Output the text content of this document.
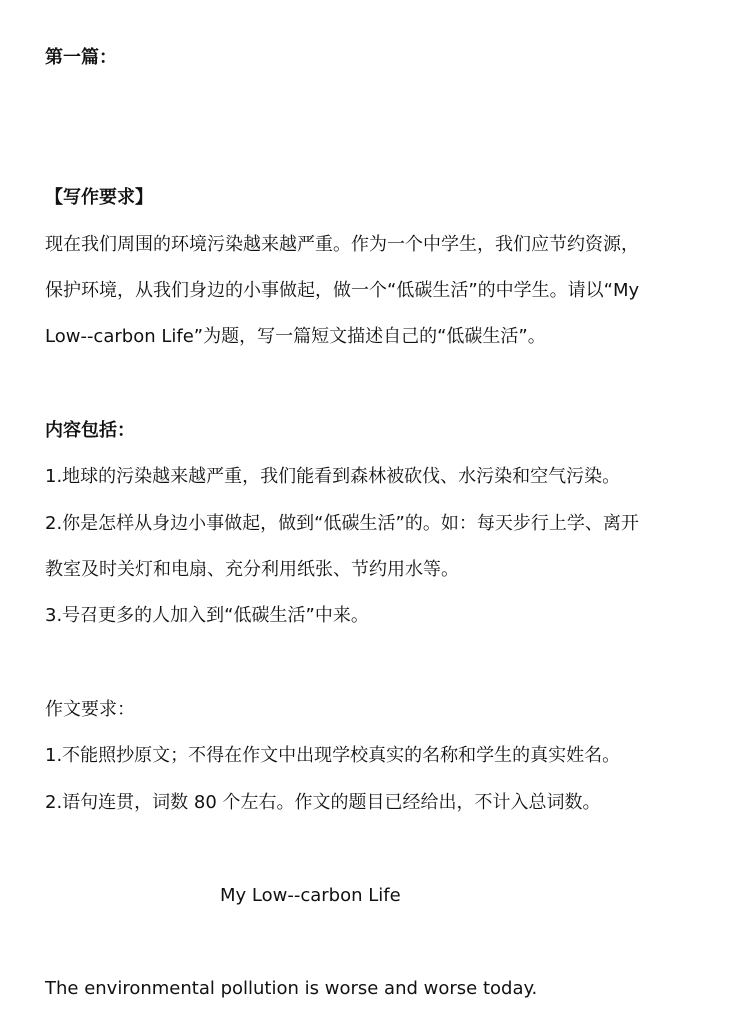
第一篇：
【写作要求】
现在我们周围的环境污染越来越严重。作为一个中学生，我们应节约资源，
保护环境，从我们身边的小事做起，做一个“低碳生活”的中学生。请以“My
Low--carbon Life”为题，写一篇短文描述自己的“低碳生活”。
内容包括：
1.地球的污染越来越严重，我们能看到森林被砍伐、水污染和空气污染。
2.你是怎样从身边小事做起，做到“低碳生活”的。如：每天步行上学、离开
教室及时关灯和电扇、充分利用纸张、节约用水等。
3.号召更多的人加入到“低碳生活”中来。
作文要求：
1.不能照抄原文；不得在作文中出现学校真实的名称和学生的真实姓名。
2.语句连贯，词数 80 个左右。作文的题目已经给出，不计入总词数。
My Low--carbon Life
The environmental pollution is worse and worse today.
